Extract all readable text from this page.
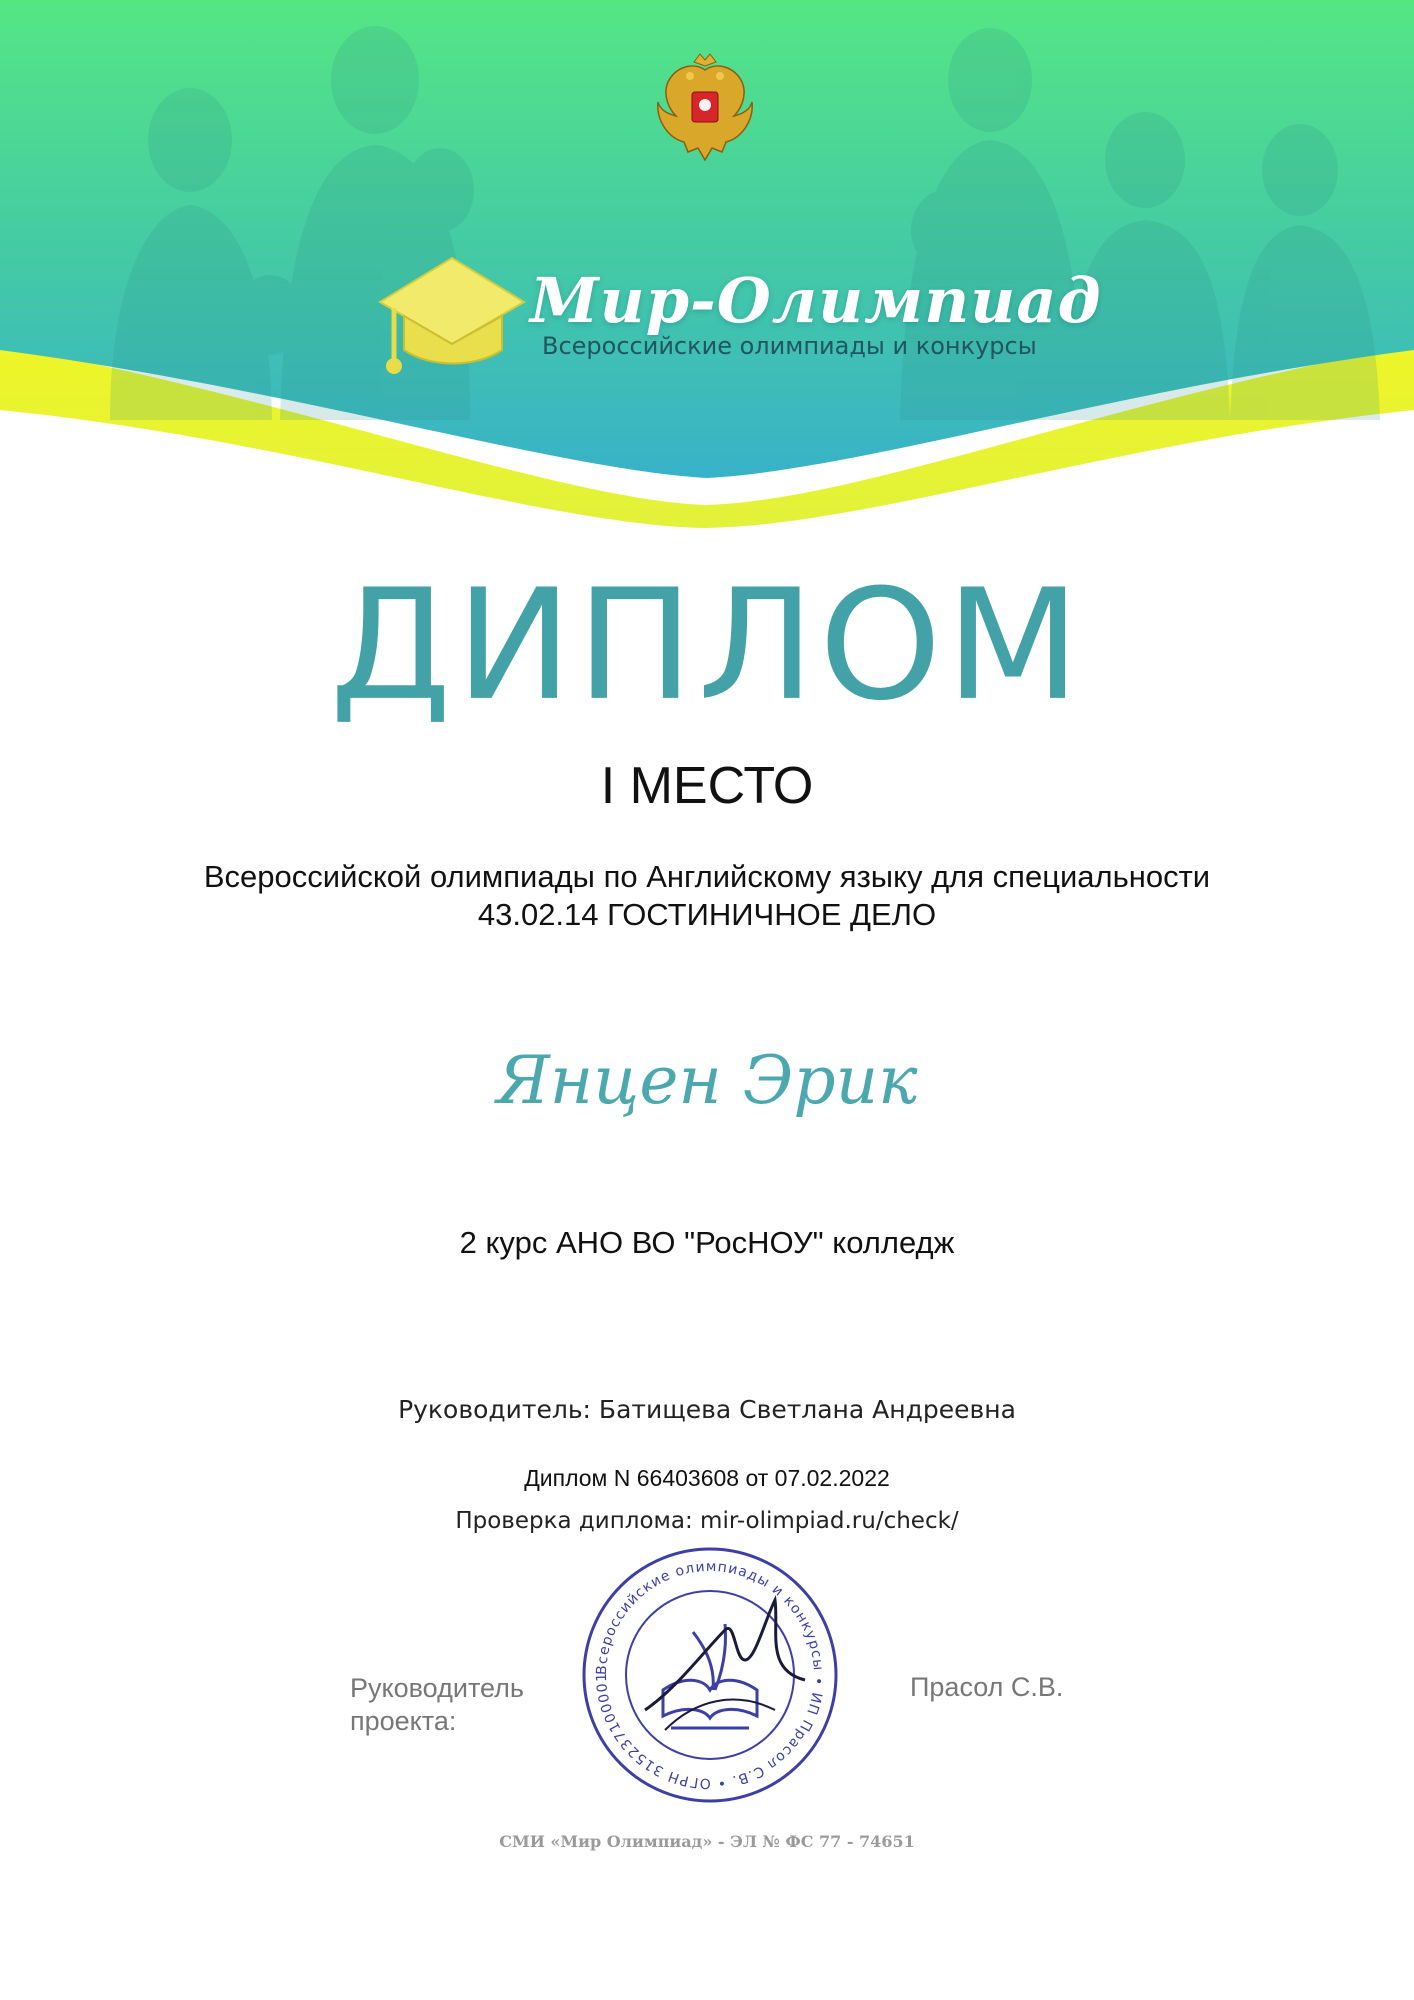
Мир-Олимпиад
Всероссийские олимпиады и конкурсы
ДИПЛОМ
I МЕСТО
Всероссийской олимпиады по Английскому языку для специальности
43.02.14 ГОСТИНИЧНОЕ ДЕЛО
Янцен Эрик
2 курс АНО ВО "РосНОУ" колледж
Руководитель: Батищева Светлана Андреевна
Диплом N 66403608 от 07.02.2022
Проверка диплома: mir-olimpiad.ru/check/
Руководитель
проекта:
Всероссийские олимпиады и конкурсы • ИП Прасол С.В. • ОГРН 315237100001	Прасол С.В.
СМИ «Мир Олимпиад» - ЭЛ № ФС 77 - 74651
